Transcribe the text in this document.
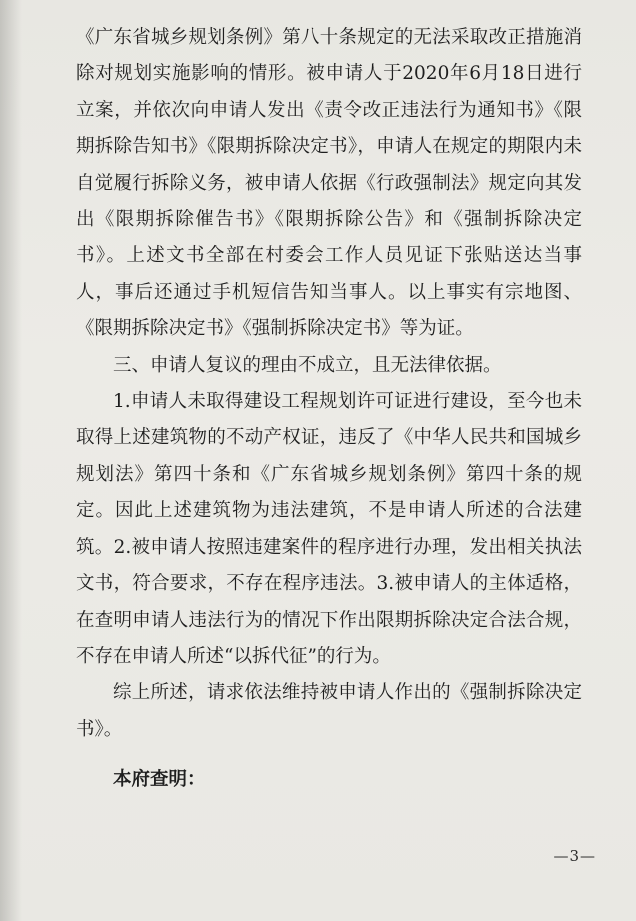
《广东省城乡规划条例》第八十条规定的无法采取改正措施消除对规划实施影响的情形。被申请人于2020年6月18日进行立案，并依次向申请人发出《责令改正违法行为通知书》《限期拆除告知书》《限期拆除决定书》，申请人在规定的期限内未自觉履行拆除义务，被申请人依据《行政强制法》规定向其发出《限期拆除催告书》《限期拆除公告》和《强制拆除决定书》。上述文书全部在村委会工作人员见证下张贴送达当事人，事后还通过手机短信告知当事人。以上事实有宗地图、《限期拆除决定书》《强制拆除决定书》等为证。

三、申请人复议的理由不成立，且无法律依据。

1.申请人未取得建设工程规划许可证进行建设，至今也未取得上述建筑物的不动产权证，违反了《中华人民共和国城乡规划法》第四十条和《广东省城乡规划条例》第四十条的规定。因此上述建筑物为违法建筑，不是申请人所述的合法建筑。2.被申请人按照违建案件的程序进行办理，发出相关执法文书，符合要求，不存在程序违法。3.被申请人的主体适格，在查明申请人违法行为的情况下作出限期拆除决定合法合规，不存在申请人所述“以拆代征”的行为。

综上所述，请求依法维持被申请人作出的《强制拆除决定书》。

本府查明：

—3—
